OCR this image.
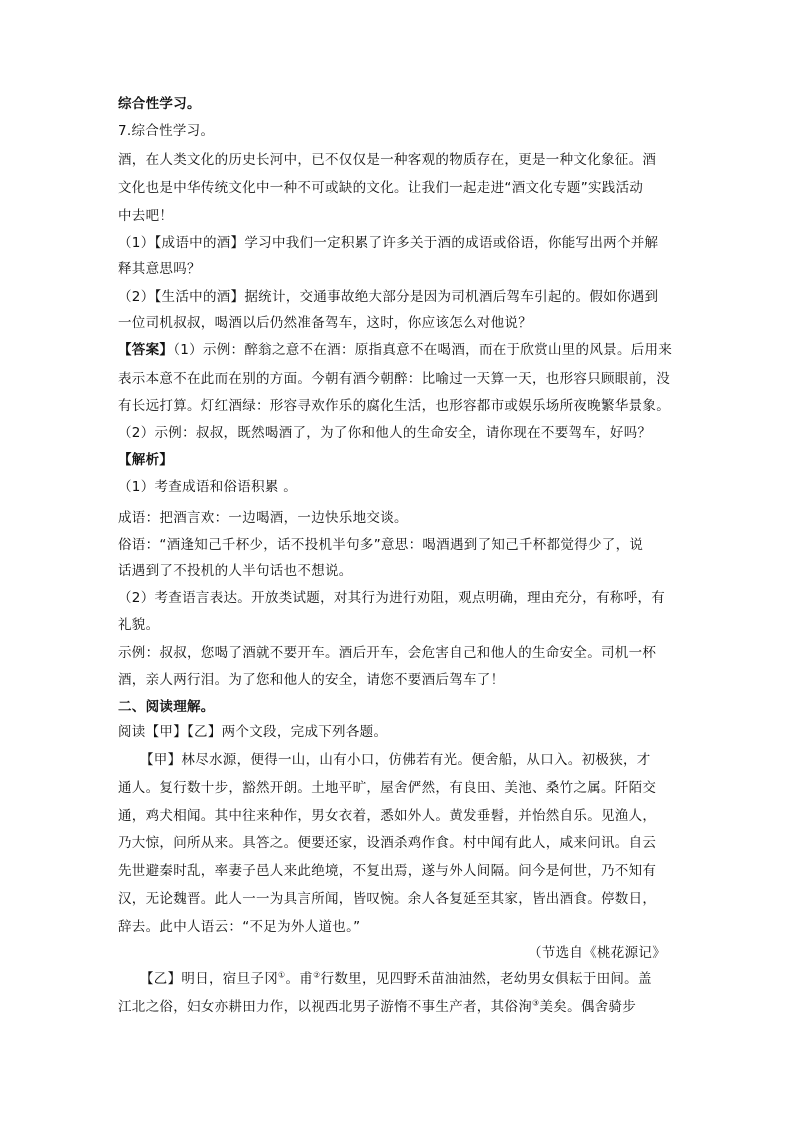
综合性学习。
7.综合性学习。
酒，在人类文化的历史长河中，已不仅仅是一种客观的物质存在，更是一种文化象征。酒
文化也是中华传统文化中一种不可或缺的文化。让我们一起走进“酒文化专题”实践活动
中去吧！
（1）【成语中的酒】学习中我们一定积累了许多关于酒的成语或俗语，你能写出两个并解
释其意思吗？
（2）【生活中的酒】据统计，交通事故绝大部分是因为司机酒后驾车引起的。假如你遇到
一位司机叔叔，喝酒以后仍然准备驾车，这时，你应该怎么对他说？
【答案】（1）示例：醉翁之意不在酒：原指真意不在喝酒，而在于欣赏山里的风景。后用来
表示本意不在此而在别的方面。今朝有酒今朝醉：比喻过一天算一天，也形容只顾眼前，没
有长远打算。灯红酒绿：形容寻欢作乐的腐化生活，也形容都市或娱乐场所夜晚繁华景象。
（2）示例：叔叔，既然喝酒了，为了你和他人的生命安全，请你现在不要驾车，好吗？
【解析】
（1）考查成语和俗语积累 。
成语：把酒言欢：一边喝酒，一边快乐地交谈。
俗语：“酒逢知己千杯少，话不投机半句多”意思：喝酒遇到了知己千杯都觉得少了，说
话遇到了不投机的人半句话也不想说。
（2）考查语言表达。开放类试题，对其行为进行劝阻，观点明确，理由充分，有称呼，有
礼貌。
示例：叔叔，您喝了酒就不要开车。酒后开车，会危害自己和他人的生命安全。司机一杯
酒，亲人两行泪。为了您和他人的安全，请您不要酒后驾车了！
二、阅读理解。
阅读【甲】【乙】两个文段，完成下列各题。
【甲】林尽水源，便得一山，山有小口，仿佛若有光。便舍船，从口入。初极狭，才
通人。复行数十步，豁然开朗。土地平旷，屋舍俨然，有良田、美池、桑竹之属。阡陌交
通，鸡犬相闻。其中往来种作，男女衣着，悉如外人。黄发垂髫，并怡然自乐。见渔人，
乃大惊，问所从来。具答之。便要还家，设酒杀鸡作食。村中闻有此人，咸来问讯。自云
先世避秦时乱，率妻子邑人来此绝境，不复出焉，遂与外人间隔。问今是何世，乃不知有
汉，无论魏晋。此人一一为具言所闻，皆叹惋。余人各复延至其家，皆出酒食。停数日，
辞去。此中人语云：“不足为外人道也。”
（节选自《桃花源记》
【乙】明日，宿旦子冈①。甫②行数里，见四野禾苗油油然，老幼男女俱耘于田间。盖
江北之俗，妇女亦耕田力作，以视西北男子游惰不事生产者，其俗洵③美矣。偶舍骑步
